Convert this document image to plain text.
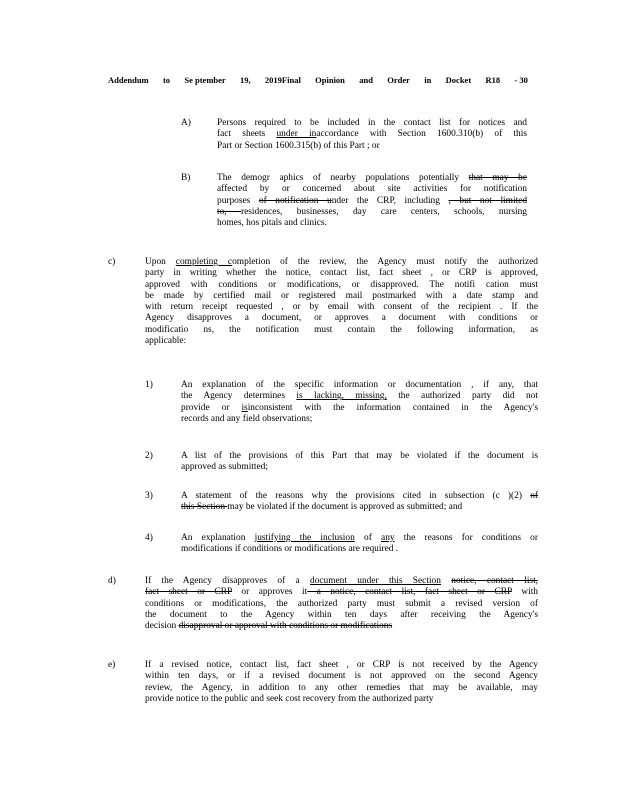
Addendum to Se ptember 19, 2019Final Opinion and Order in Docket R18 - 30
A)	Persons required to be included in the contact list for notices and
fact sheets under inaccordance with Section 1600.310(b) of this
Part or Section 1600.315(b) of this Part ; or
B)	The demogr aphics of nearby populations potentially that may be
affected by or concerned about site activities for notification
purposes of notification under the CRP, including , but not limited
to, residences, businesses, day care centers, schools, nursing
homes, hos pitals and clinics.
c)	Upon completing completion of the review, the Agency must notify the authorized
party in writing whether the notice, contact list, fact sheet , or CRP is approved,
approved with conditions or modifications, or disapproved. The notifi cation must
be made by certified mail or registered mail postmarked with a date stamp and
with return receipt requested , or by email with consent of the recipient . If the
Agency disapproves a document, or approves a document with conditions or
modificatio ns, the notification must contain the following information, as
applicable:
1)	An explanation of the specific information or documentation , if any, that
the Agency determines is lacking, missing, the authorized party did not
provide or isinconsistent with the information contained in the Agency's
records and any field observations;
2)	A list of the provisions of this Part that may be violated if the document is
approved as submitted;
3)	A statement of the reasons why the provisions cited in subsection (c )(2) of
this Section may be violated if the document is approved as submitted; and
4)	An explanation justifying the inclusion of any the reasons for conditions or
modifications if conditions or modifications are required .
d)	If the Agency disapproves of a document under this Section notice, contact list,
fact sheet or CRP or approves it a notice, contact list, fact sheet or CRP with
conditions or modifications, the authorized party must submit a revised version of
the document to the Agency within ten days after receiving the Agency's
decision disapproval or approval with conditions or modifications
e)	If a revised notice, contact list, fact sheet , or CRP is not received by the Agency
within ten days, or if a revised document is not approved on the second Agency
review, the Agency, in addition to any other remedies that may be available, may
provide notice to the public and seek cost recovery from the authorized party
